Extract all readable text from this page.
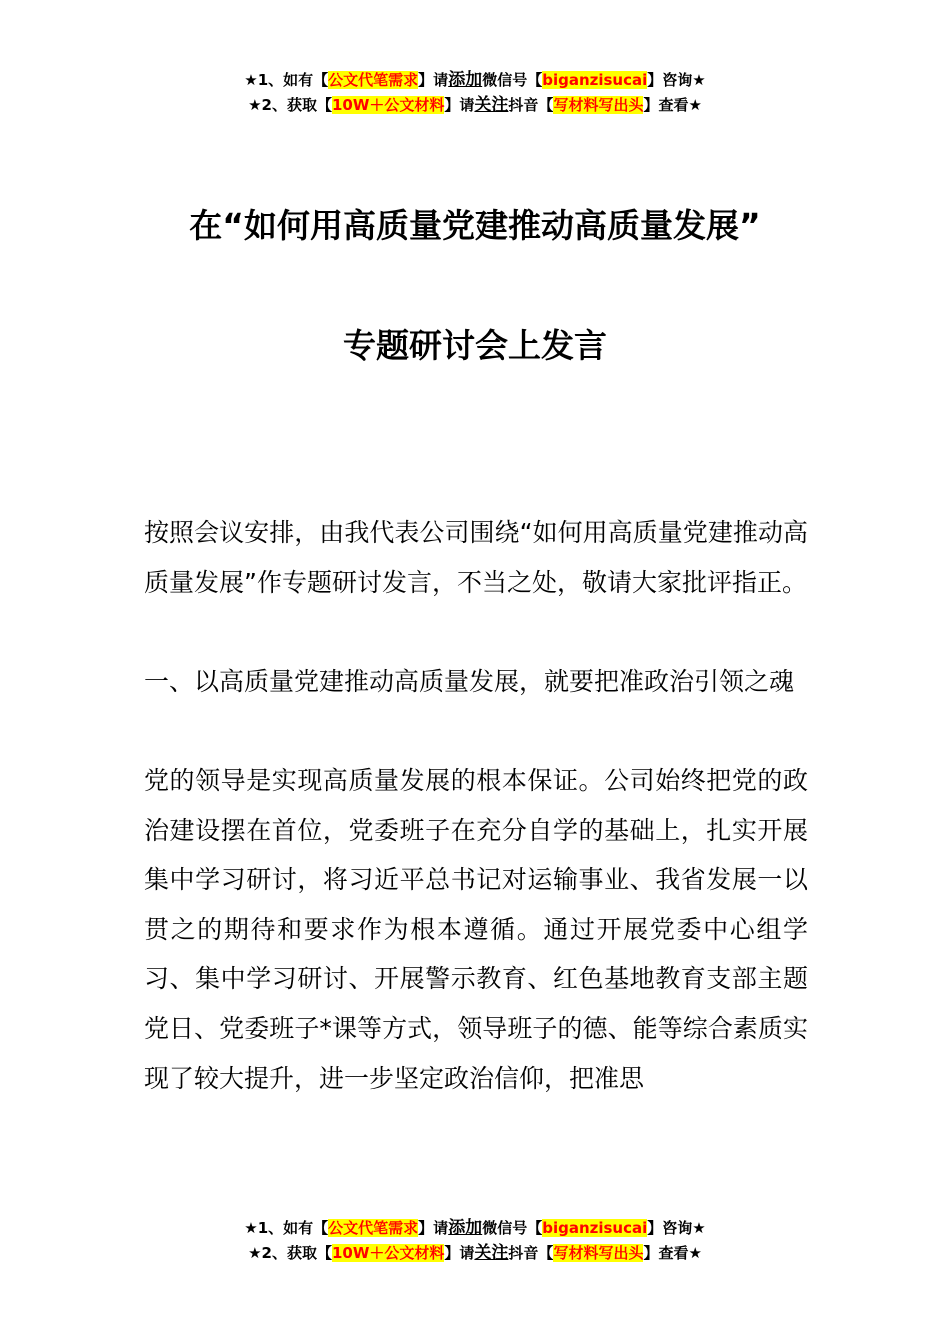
★1、如有【公文代笔需求】请添加微信号【biganzisucai】咨询★
★2、获取【10W＋公文材料】请关注抖音【写材料写出头】查看★
在“如何用高质量党建推动高质量发展”
专题研讨会上发言

按照会议安排，由我代表公司围绕“如何用高质量党建推动高质量发展”作专题研讨发言，不当之处，敬请大家批评指正。

一、以高质量党建推动高质量发展，就要把准政治引领之魂

党的领导是实现高质量发展的根本保证。公司始终把党的政治建设摆在首位，党委班子在充分自学的基础上，扎实开展集中学习研讨，将习近平总书记对运输事业、我省发展一以贯之的期待和要求作为根本遵循。通过开展党委中心组学习、集中学习研讨、开展警示教育、红色基地教育支部主题党日、党委班子*课等方式，领导班子的德、能等综合素质实现了较大提升，进一步坚定政治信仰，把准思

★1、如有【公文代笔需求】请添加微信号【biganzisucai】咨询★
★2、获取【10W＋公文材料】请关注抖音【写材料写出头】查看★
